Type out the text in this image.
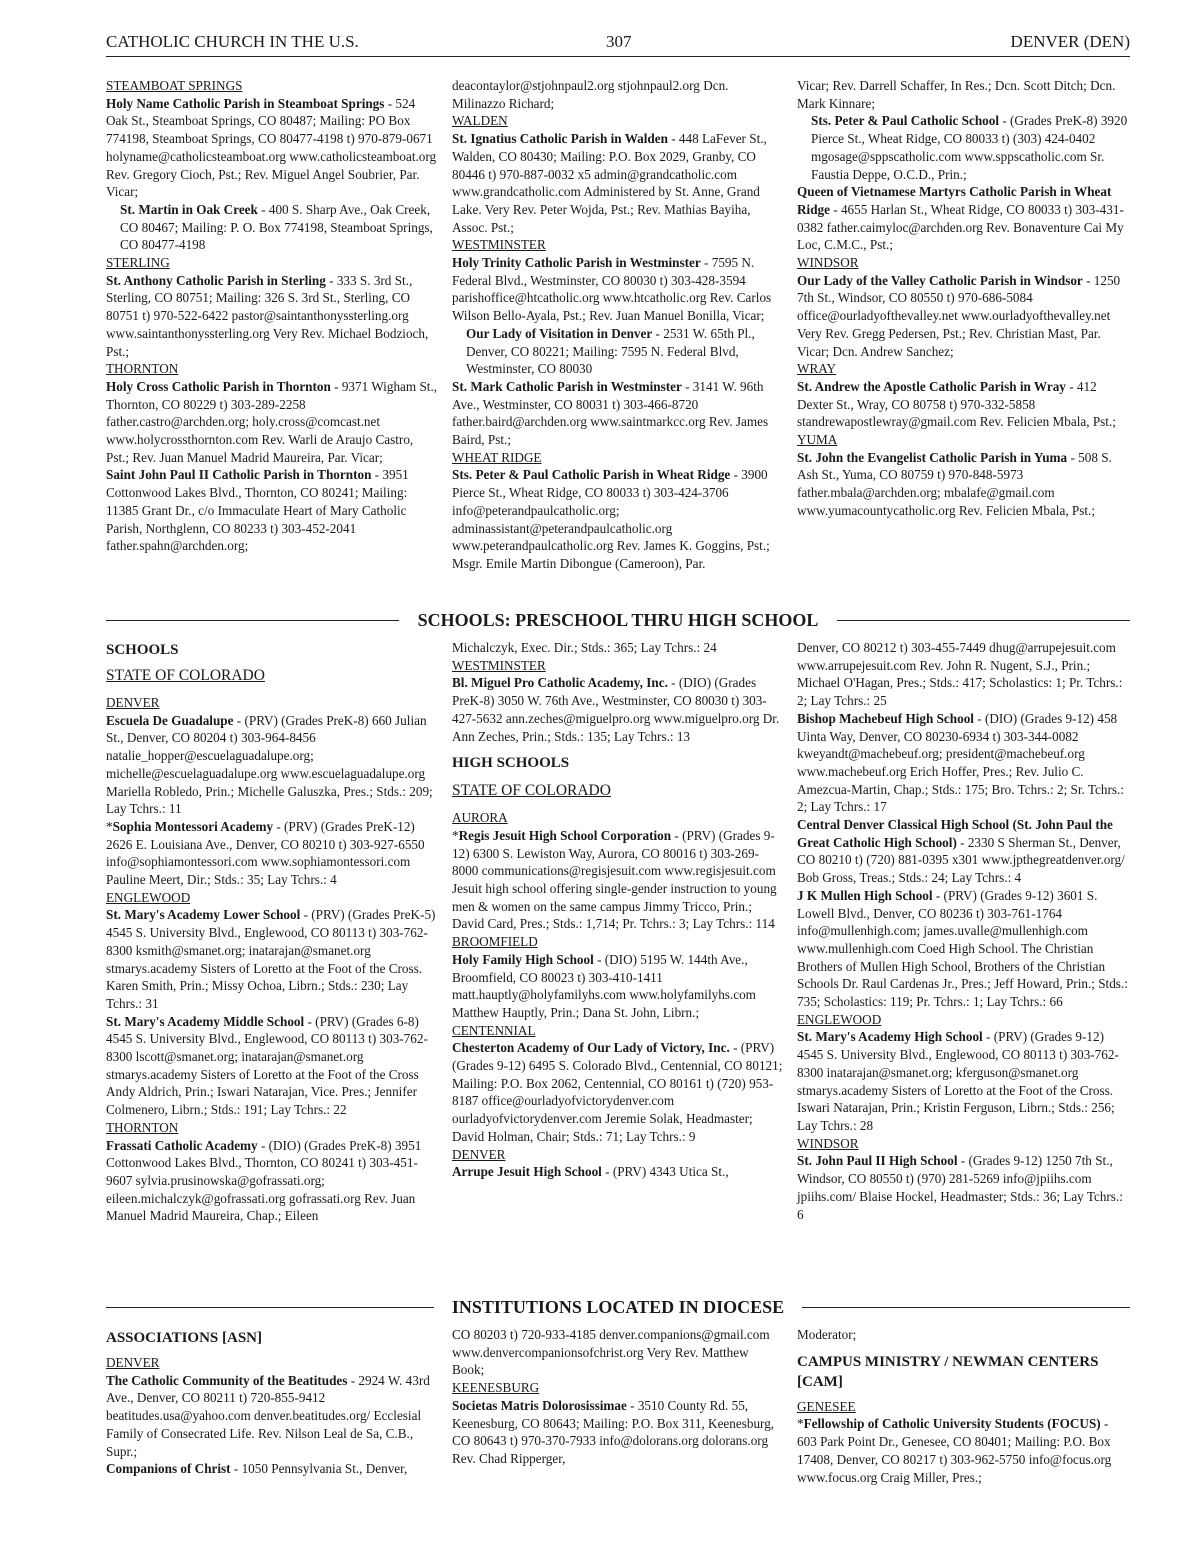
CATHOLIC CHURCH IN THE U.S.	307	DENVER (DEN)

STEAMBOAT SPRINGS

Holy Name Catholic Parish in Steamboat Springs - 524 Oak St., Steamboat Springs, CO 80487; Mailing: PO Box 774198, Steamboat Springs, CO 80477-4198 t) 970-879-0671 holyname@catholicsteamboat.org www.catholicsteamboat.org Rev. Gregory Cioch, Pst.; Rev. Miguel Angel Soubrier, Par. Vicar;

St. Martin in Oak Creek - 400 S. Sharp Ave., Oak Creek, CO 80467; Mailing: P. O. Box 774198, Steamboat Springs, CO 80477-4198

STERLING

St. Anthony Catholic Parish in Sterling - 333 S. 3rd St., Sterling, CO 80751; Mailing: 326 S. 3rd St., Sterling, CO 80751 t) 970-522-6422 pastor@saintanthonyssterling.org www.saintanthonyssterling.org Very Rev. Michael Bodzioch, Pst.;

THORNTON

Holy Cross Catholic Parish in Thornton - 9371 Wigham St., Thornton, CO 80229 t) 303-289-2258 father.castro@archden.org; holy.cross@comcast.net www.holycrossthornton.com Rev. Warli de Araujo Castro, Pst.; Rev. Juan Manuel Madrid Maureira, Par. Vicar;

Saint John Paul II Catholic Parish in Thornton - 3951 Cottonwood Lakes Blvd., Thornton, CO 80241; Mailing: 11385 Grant Dr., c/o Immaculate Heart of Mary Catholic Parish, Northglenn, CO 80233 t) 303-452-2041 father.spahn@archden.org;

deacontaylor@stjohnpaul2.org stjohnpaul2.org Dcn. Milinazzo Richard;

WALDEN

St. Ignatius Catholic Parish in Walden - 448 LaFever St., Walden, CO 80430; Mailing: P.O. Box 2029, Granby, CO 80446 t) 970-887-0032 x5 admin@grandcatholic.com www.grandcatholic.com Administered by St. Anne, Grand Lake. Very Rev. Peter Wojda, Pst.; Rev. Mathias Bayiha, Assoc. Pst.;

WESTMINSTER

Holy Trinity Catholic Parish in Westminster - 7595 N. Federal Blvd., Westminster, CO 80030 t) 303-428-3594 parishoffice@htcatholic.org www.htcatholic.org Rev. Carlos Wilson Bello-Ayala, Pst.; Rev. Juan Manuel Bonilla, Vicar;

Our Lady of Visitation in Denver - 2531 W. 65th Pl., Denver, CO 80221; Mailing: 7595 N. Federal Blvd, Westminster, CO 80030

St. Mark Catholic Parish in Westminster - 3141 W. 96th Ave., Westminster, CO 80031 t) 303-466-8720 father.baird@archden.org www.saintmarkcc.org Rev. James Baird, Pst.;

WHEAT RIDGE

Sts. Peter & Paul Catholic Parish in Wheat Ridge - 3900 Pierce St., Wheat Ridge, CO 80033 t) 303-424-3706 info@peterandpaulcatholic.org; adminassistant@peterandpaulcatholic.org www.peterandpaulcatholic.org Rev. James K. Goggins, Pst.; Msgr. Emile Martin Dibongue (Cameroon), Par.

Vicar; Rev. Darrell Schaffer, In Res.; Dcn. Scott Ditch; Dcn. Mark Kinnare;

Sts. Peter & Paul Catholic School - (Grades PreK-8) 3920 Pierce St., Wheat Ridge, CO 80033 t) (303) 424-0402 mgosage@sppscatholic.com www.sppscatholic.com Sr. Faustia Deppe, O.C.D., Prin.;

Queen of Vietnamese Martyrs Catholic Parish in Wheat Ridge - 4655 Harlan St., Wheat Ridge, CO 80033 t) 303-431-0382 father.caimyloc@archden.org Rev. Bonaventure Cai My Loc, C.M.C., Pst.;

WINDSOR

Our Lady of the Valley Catholic Parish in Windsor - 1250 7th St., Windsor, CO 80550 t) 970-686-5084 office@ourladyofthevalley.net www.ourladyofthevalley.net Very Rev. Gregg Pedersen, Pst.; Rev. Christian Mast, Par. Vicar; Dcn. Andrew Sanchez;

WRAY

St. Andrew the Apostle Catholic Parish in Wray - 412 Dexter St., Wray, CO 80758 t) 970-332-5858 standrewapostlewray@gmail.com Rev. Felicien Mbala, Pst.;

YUMA

St. John the Evangelist Catholic Parish in Yuma - 508 S. Ash St., Yuma, CO 80759 t) 970-848-5973 father.mbala@archden.org; mbalafe@gmail.com www.yumacountycatholic.org Rev. Felicien Mbala, Pst.;

SCHOOLS: PRESCHOOL THRU HIGH SCHOOL

SCHOOLS

STATE OF COLORADO

DENVER

Escuela De Guadalupe - (PRV) (Grades PreK-8) 660 Julian St., Denver, CO 80204 t) 303-964-8456 natalie_hopper@escuelaguadalupe.org; michelle@escuelaguadalupe.org www.escuelaguadalupe.org Mariella Robledo, Prin.; Michelle Galuszka, Pres.; Stds.: 209; Lay Tchrs.: 11

*Sophia Montessori Academy - (PRV) (Grades PreK-12) 2626 E. Louisiana Ave., Denver, CO 80210 t) 303-927-6550 info@sophiamontessori.com www.sophiamontessori.com Pauline Meert, Dir.; Stds.: 35; Lay Tchrs.: 4

ENGLEWOOD

St. Mary's Academy Lower School - (PRV) (Grades PreK-5) 4545 S. University Blvd., Englewood, CO 80113 t) 303-762-8300 ksmith@smanet.org; inatarajan@smanet.org stmarys.academy Sisters of Loretto at the Foot of the Cross. Karen Smith, Prin.; Missy Ochoa, Librn.; Stds.: 230; Lay Tchrs.: 31

St. Mary's Academy Middle School - (PRV) (Grades 6-8) 4545 S. University Blvd., Englewood, CO 80113 t) 303-762-8300 lscott@smanet.org; inatarajan@smanet.org stmarys.academy Sisters of Loretto at the Foot of the Cross Andy Aldrich, Prin.; Iswari Natarajan, Vice. Pres.; Jennifer Colmenero, Librn.; Stds.: 191; Lay Tchrs.: 22

THORNTON

Frassati Catholic Academy - (DIO) (Grades PreK-8) 3951 Cottonwood Lakes Blvd., Thornton, CO 80241 t) 303-451-9607 sylvia.prusinowska@gofrassati.org; eileen.michalczyk@gofrassati.org gofrassati.org Rev. Juan Manuel Madrid Maureira, Chap.; Eileen

Michalczyk, Exec. Dir.; Stds.: 365; Lay Tchrs.: 24

WESTMINSTER

Bl. Miguel Pro Catholic Academy, Inc. - (DIO) (Grades PreK-8) 3050 W. 76th Ave., Westminster, CO 80030 t) 303-427-5632 ann.zeches@miguelpro.org www.miguelpro.org Dr. Ann Zeches, Prin.; Stds.: 135; Lay Tchrs.: 13

HIGH SCHOOLS

STATE OF COLORADO

AURORA

*Regis Jesuit High School Corporation - (PRV) (Grades 9-12) 6300 S. Lewiston Way, Aurora, CO 80016 t) 303-269-8000 communications@regisjesuit.com www.regisjesuit.com Jesuit high school offering single-gender instruction to young men & women on the same campus Jimmy Tricco, Prin.; David Card, Pres.; Stds.: 1,714; Pr. Tchrs.: 3; Lay Tchrs.: 114

BROOMFIELD

Holy Family High School - (DIO) 5195 W. 144th Ave., Broomfield, CO 80023 t) 303-410-1411 matt.hauptly@holyfamilyhs.com www.holyfamilyhs.com Matthew Hauptly, Prin.; Dana St. John, Librn.;

CENTENNIAL

Chesterton Academy of Our Lady of Victory, Inc. - (PRV) (Grades 9-12) 6495 S. Colorado Blvd., Centennial, CO 80121; Mailing: P.O. Box 2062, Centennial, CO 80161 t) (720) 953-8187 office@ourladyofvictorydenver.com ourladyofvictorydenver.com Jeremie Solak, Headmaster; David Holman, Chair; Stds.: 71; Lay Tchrs.: 9

DENVER

Arrupe Jesuit High School - (PRV) 4343 Utica St.,

Denver, CO 80212 t) 303-455-7449 dhug@arrupejesuit.com www.arrupejesuit.com Rev. John R. Nugent, S.J., Prin.; Michael O'Hagan, Pres.; Stds.: 417; Scholastics: 1; Pr. Tchrs.: 2; Lay Tchrs.: 25

Bishop Machebeuf High School - (DIO) (Grades 9-12) 458 Uinta Way, Denver, CO 80230-6934 t) 303-344-0082 kweyandt@machebeuf.org; president@machebeuf.org www.machebeuf.org Erich Hoffer, Pres.; Rev. Julio C. Amezcua-Martin, Chap.; Stds.: 175; Bro. Tchrs.: 2; Sr. Tchrs.: 2; Lay Tchrs.: 17

Central Denver Classical High School (St. John Paul the Great Catholic High School) - 2330 S Sherman St., Denver, CO 80210 t) (720) 881-0395 x301 www.jpthegreatdenver.org/ Bob Gross, Treas.; Stds.: 24; Lay Tchrs.: 4

J K Mullen High School - (PRV) (Grades 9-12) 3601 S. Lowell Blvd., Denver, CO 80236 t) 303-761-1764 info@mullenhigh.com; james.uvalle@mullenhigh.com www.mullenhigh.com Coed High School. The Christian Brothers of Mullen High School, Brothers of the Christian Schools Dr. Raul Cardenas Jr., Pres.; Jeff Howard, Prin.; Stds.: 735; Scholastics: 119; Pr. Tchrs.: 1; Lay Tchrs.: 66

ENGLEWOOD

St. Mary's Academy High School - (PRV) (Grades 9-12) 4545 S. University Blvd., Englewood, CO 80113 t) 303-762-8300 inatarajan@smanet.org; kferguson@smanet.org stmarys.academy Sisters of Loretto at the Foot of the Cross. Iswari Natarajan, Prin.; Kristin Ferguson, Librn.; Stds.: 256; Lay Tchrs.: 28

WINDSOR

St. John Paul II High School - (Grades 9-12) 1250 7th St., Windsor, CO 80550 t) (970) 281-5269 info@jpiihs.com jpiihs.com/ Blaise Hockel, Headmaster; Stds.: 36; Lay Tchrs.: 6

INSTITUTIONS LOCATED IN DIOCESE

ASSOCIATIONS [ASN]

DENVER

The Catholic Community of the Beatitudes - 2924 W. 43rd Ave., Denver, CO 80211 t) 720-855-9412 beatitudes.usa@yahoo.com denver.beatitudes.org/ Ecclesial Family of Consecrated Life. Rev. Nilson Leal de Sa, C.B., Supr.;

Companions of Christ - 1050 Pennsylvania St., Denver,

CO 80203 t) 720-933-4185 denver.companions@gmail.com www.denvercompanionsofchrist.org Very Rev. Matthew Book;

KEENESBURG

Societas Matris Dolorosissimae - 3510 County Rd. 55, Keenesburg, CO 80643; Mailing: P.O. Box 311, Keenesburg, CO 80643 t) 970-370-7933 info@dolorans.org dolorans.org Rev. Chad Ripperger,

Moderator;

CAMPUS MINISTRY / NEWMAN CENTERS [CAM]

GENESEE

*Fellowship of Catholic University Students (FOCUS) - 603 Park Point Dr., Genesee, CO 80401; Mailing: P.O. Box 17408, Denver, CO 80217 t) 303-962-5750 info@focus.org www.focus.org Craig Miller, Pres.;
